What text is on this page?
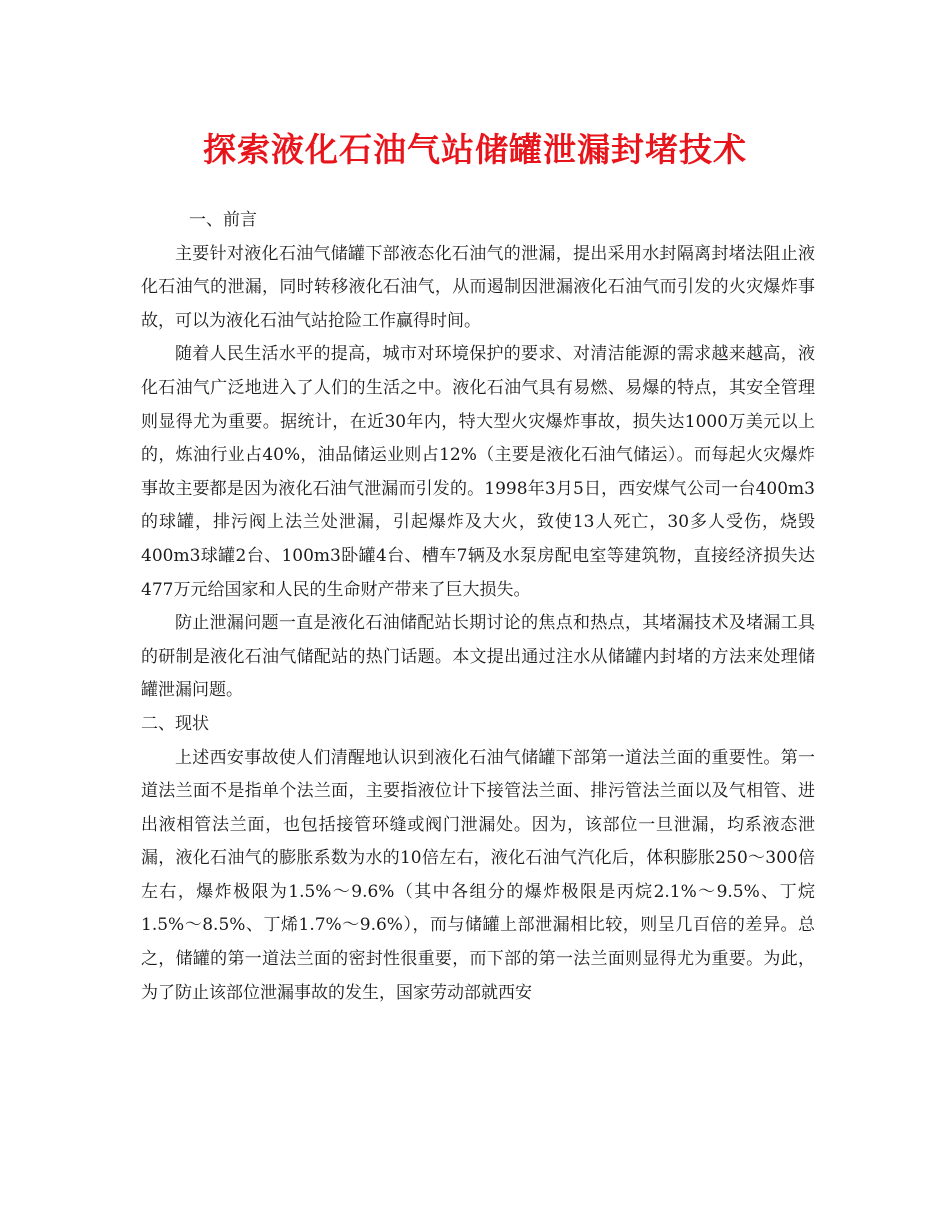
探索液化石油气站储罐泄漏封堵技术

一、前言

主要针对液化石油气储罐下部液态化石油气的泄漏，提出采用水封隔离封堵法阻止液化石油气的泄漏，同时转移液化石油气，从而遏制因泄漏液化石油气而引发的火灾爆炸事故，可以为液化石油气站抢险工作赢得时间。

随着人民生活水平的提高，城市对环境保护的要求、对清洁能源的需求越来越高，液化石油气广泛地进入了人们的生活之中。液化石油气具有易燃、易爆的特点，其安全管理则显得尤为重要。据统计，在近30年内，特大型火灾爆炸事故，损失达1000万美元以上的，炼油行业占40%，油品储运业则占12%（主要是液化石油气储运）。而每起火灾爆炸事故主要都是因为液化石油气泄漏而引发的。1998年3月5日，西安煤气公司一台400m3的球罐，排污阀上法兰处泄漏，引起爆炸及大火，致使13人死亡，30多人受伤，烧毁400m3球罐2台、100m3卧罐4台、槽车7辆及水泵房配电室等建筑物，直接经济损失达477万元给国家和人民的生命财产带来了巨大损失。

防止泄漏问题一直是液化石油储配站长期讨论的焦点和热点，其堵漏技术及堵漏工具的研制是液化石油气储配站的热门话题。本文提出通过注水从储罐内封堵的方法来处理储罐泄漏问题。

二、现状

上述西安事故使人们清醒地认识到液化石油气储罐下部第一道法兰面的重要性。第一道法兰面不是指单个法兰面，主要指液位计下接管法兰面、排污管法兰面以及气相管、进出液相管法兰面，也包括接管环缝或阀门泄漏处。因为，该部位一旦泄漏，均系液态泄漏，液化石油气的膨胀系数为水的10倍左右，液化石油气汽化后，体积膨胀250～300倍左右，爆炸极限为1.5%～9.6%（其中各组分的爆炸极限是丙烷2.1%～9.5%、丁烷1.5%～8.5%、丁烯1.7%～9.6%），而与储罐上部泄漏相比较，则呈几百倍的差异。总之，储罐的第一道法兰面的密封性很重要，而下部的第一法兰面则显得尤为重要。为此，为了防止该部位泄漏事故的发生，国家劳动部就西安
